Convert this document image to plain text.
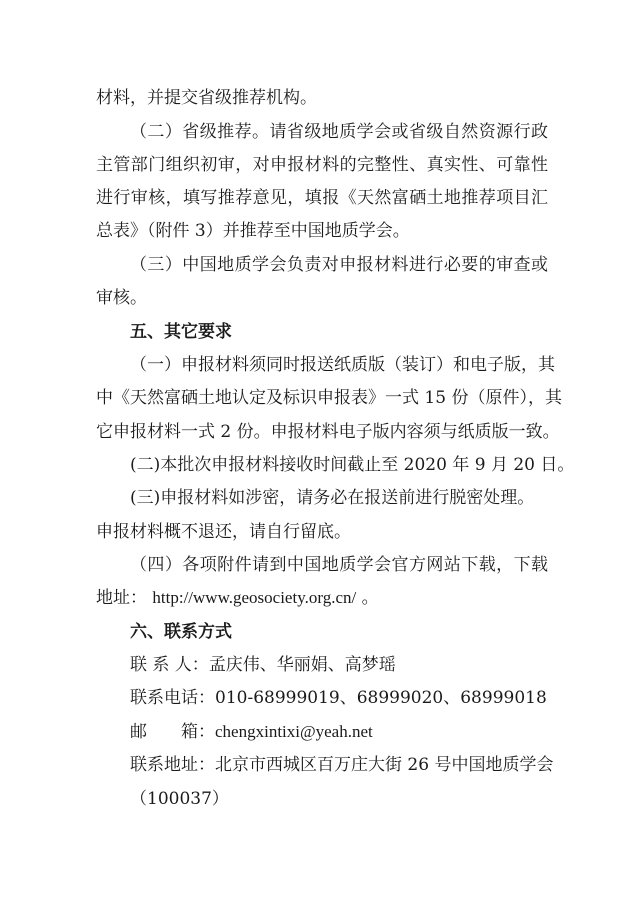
材料，并提交省级推荐机构。
（二）省级推荐。请省级地质学会或省级自然资源行政
主管部门组织初审，对申报材料的完整性、真实性、可靠性
进行审核，填写推荐意见，填报《天然富硒土地推荐项目汇
总表》（附件 3）并推荐至中国地质学会。
（三）中国地质学会负责对申报材料进行必要的审查或
审核。
五、其它要求
（一）申报材料须同时报送纸质版（装订）和电子版，其
中《天然富硒土地认定及标识申报表》一式 15 份（原件），其
它申报材料一式 2 份。申报材料电子版内容须与纸质版一致。
(二)本批次申报材料接收时间截止至 2020 年 9 月 20 日。
(三)申报材料如涉密，请务必在报送前进行脱密处理。
申报材料概不退还，请自行留底。
（四）各项附件请到中国地质学会官方网站下载，下载
地址： http://www.geosociety.org.cn/ 。
六、联系方式
联 系 人：孟庆伟、华丽娟、高梦瑶
联系电话：010-68999019、68999020、68999018
邮　　箱：chengxintixi@yeah.net
联系地址：北京市西城区百万庄大街 26 号中国地质学会
（100037）
